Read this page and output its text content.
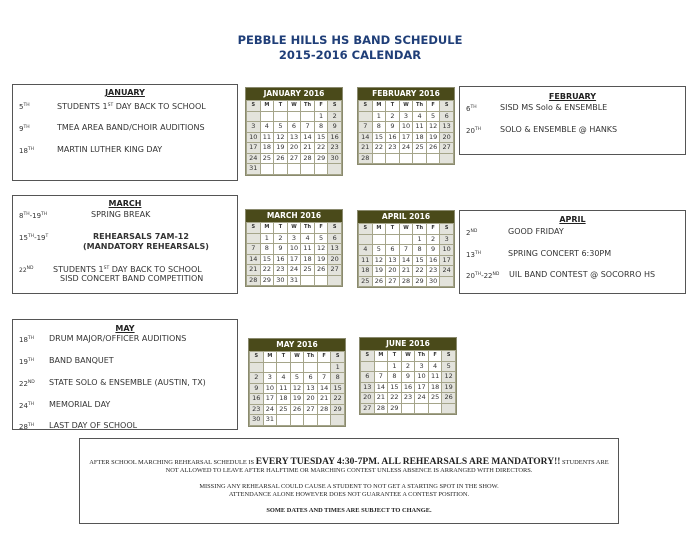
PEBBLE HILLS HS BAND SCHEDULE
2015-2016 CALENDAR
JANUARY
5TH	STUDENTS 1ST DAY BACK TO SCHOOL
9TH	TMEA AREA BAND/CHOIR AUDITIONS
18TH	MARTIN LUTHER KING DAY
FEBRUARY
6TH	SISD MS Solo & ENSEMBLE
20TH SOLO & ENSEMBLE @ HANKS
MARCH
8TH-19TH	SPRING BREAK
$15TH-19^T$	REHEARSALS 7AM-12
(MANDATORY REHEARSALS)
22ND STUDENTS 1ST DAY BACK TO SCHOOL
SISD CONCERT BAND COMPETITION
APRIL
2ND	GOOD FRIDAY
13TH	SPRING CONCERT 6:30PM
20TH-22ND UIL BAND CONTEST @ SOCORRO HS
MAY
18TH DRUM MAJOR/OFFICER AUDITIONS
19TH BAND BANQUET
22ND STATE SOLO & ENSEMBLE (AUSTIN, TX)
24TH MEMORIAL DAY
28TH LAST DAY OF SCHOOL
JANUARY 2016
S	M	T	W	Th	F	S
					1	2
3	4	5	6	7	8	9
10	11	12	13	14	15	16
17	18	19	20	21	22	23
24	25	26	27	28	29	30
31						
FEBRUARY 2016
S	M	T	W	Th	F	S
	1	2	3	4	5	6
7	8	9	10	11	12	13
14	15	16	17	18	19	20
21	22	23	24	25	26	27
28						
MARCH 2016
S	M	T	W	Th	F	S
	1	2	3	4	5	6
7	8	9	10	11	12	13
14	15	16	17	18	19	20
21	22	23	24	25	26	27
28	29	30	31			
APRIL 2016
S	M	T	W	Th	F	S
				1	2	3
4	5	6	7	8	9	10
11	12	13	14	15	16	17
18	19	20	21	22	23	24
25	26	27	28	29	30	
MAY 2016
S	M	T	W	Th	F	S
						1
2	3	4	5	6	7	8
9	10	11	12	13	14	15
16	17	18	19	20	21	22
23	24	25	26	27	28	29
30	31					
JUNE 2016
S	M	T	W	Th	F	S
		1	2	3	4	5
6	7	8	9	10	11	12
13	14	15	16	17	18	19
20	21	22	23	24	25	26
27	28	29				

AFTER SCHOOL MARCHING REHEARSAL SCHEDULE IS EVERY TUESDAY 4:30-7PM. ALL REHEARSALS ARE MANDATORY!! STUDENTS ARE NOT ALLOWED TO LEAVE AFTER HALFTIME OR MARCHING CONTEST UNLESS ABSENCE IS ARRANGED WITH DIRECTORS.

MISSING ANY REHEARSAL COULD CAUSE A STUDENT TO NOT GET A STARTING SPOT IN THE SHOW.
ATTENDANCE ALONE HOWEVER DOES NOT GUARANTEE A CONTEST POSITION.

SOME DATES AND TIMES ARE SUBJECT TO CHANGE.
